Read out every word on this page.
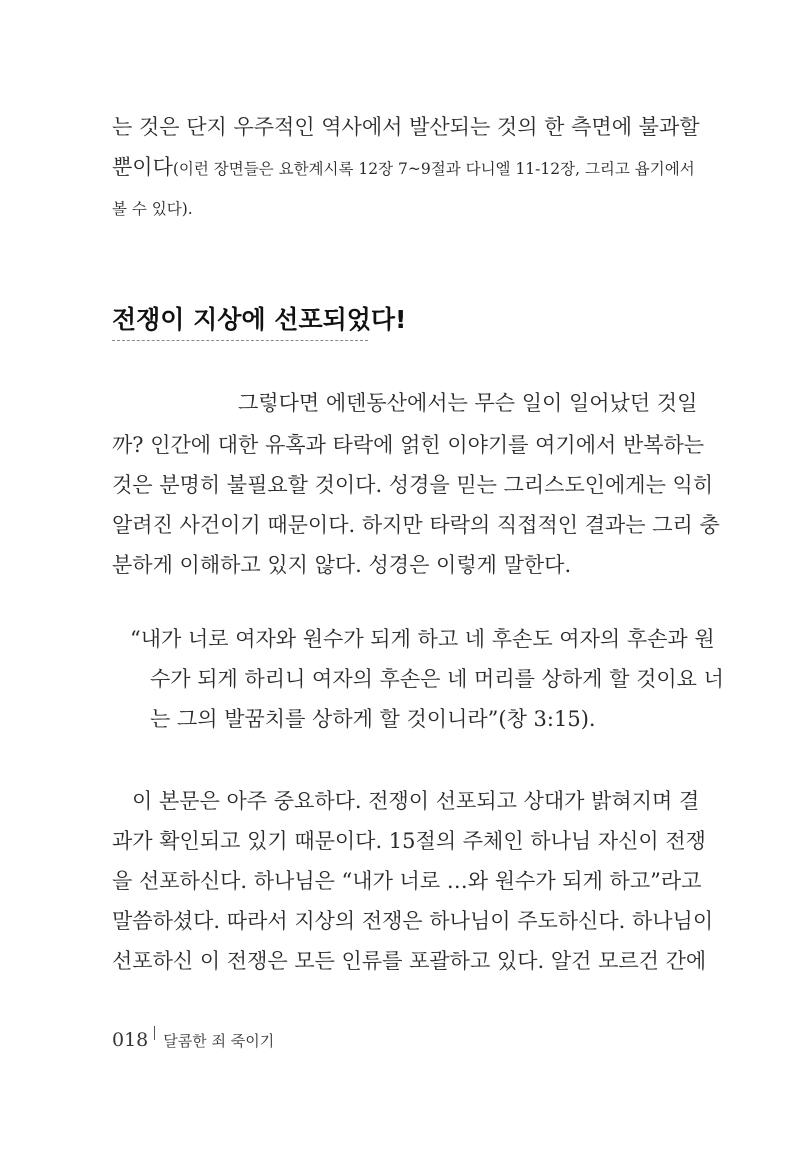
는 것은 단지 우주적인 역사에서 발산되는 것의 한 측면에 불과할
뿐이다(이런 장면들은 요한계시록 12장 7~9절과 다니엘 11-12장, 그리고 욥기에서
볼 수 있다).
전쟁이 지상에 선포되었다!
그렇다면 에덴동산에서는 무슨 일이 일어났던 것일
까? 인간에 대한 유혹과 타락에 얽힌 이야기를 여기에서 반복하는
것은 분명히 불필요할 것이다. 성경을 믿는 그리스도인에게는 익히
알려진 사건이기 때문이다. 하지만 타락의 직접적인 결과는 그리 충
분하게 이해하고 있지 않다. 성경은 이렇게 말한다.
“내가 너로 여자와 원수가 되게 하고 네 후손도 여자의 후손과 원
수가 되게 하리니 여자의 후손은 네 머리를 상하게 할 것이요 너
는 그의 발꿈치를 상하게 할 것이니라”(창 3:15).
이 본문은 아주 중요하다. 전쟁이 선포되고 상대가 밝혀지며 결
과가 확인되고 있기 때문이다. 15절의 주체인 하나님 자신이 전쟁
을 선포하신다. 하나님은 “내가 너로 …와 원수가 되게 하고”라고
말씀하셨다. 따라서 지상의 전쟁은 하나님이 주도하신다. 하나님이
선포하신 이 전쟁은 모든 인류를 포괄하고 있다. 알건 모르건 간에
018 달콤한 죄 죽이기
